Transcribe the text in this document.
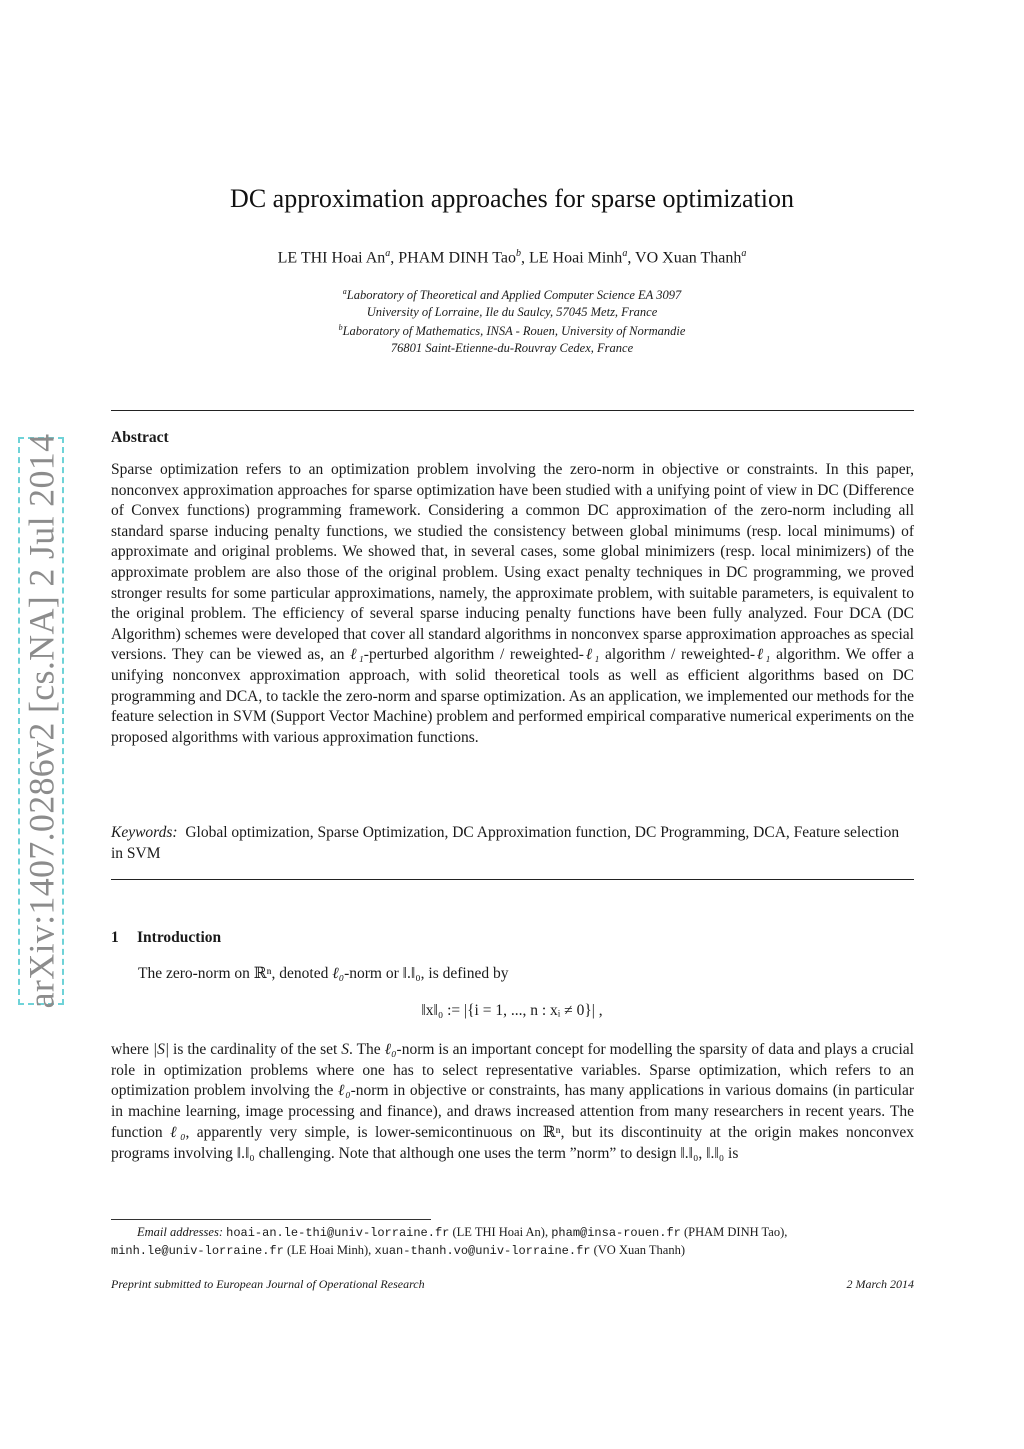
arXiv:1407.0286v2 [cs.NA] 2 Jul 2014
DC approximation approaches for sparse optimization
LE THI Hoai An$^a$, PHAM DINH Tao$^b$, LE Hoai Minh$^a$, VO Xuan Thanh$^a$
$^a$Laboratory of Theoretical and Applied Computer Science EA 3097
University of Lorraine, Ile du Saulcy, 57045 Metz, France
$^b$Laboratory of Mathematics, INSA - Rouen, University of Normandie
76801 Saint-Etienne-du-Rouvray Cedex, France
Abstract

Sparse optimization refers to an optimization problem involving the zero-norm in objective or constraints. In this paper, nonconvex approximation approaches for sparse optimization have been studied with a unifying point of view in DC (Difference of Convex functions) programming framework. Considering a common DC approximation of the zero-norm including all standard sparse inducing penalty functions, we studied the consistency between global minimums (resp. local minimums) of approximate and original problems. We showed that, in several cases, some global minimizers (resp. local minimizers) of the approximate problem are also those of the original problem. Using exact penalty techniques in DC programming, we proved stronger results for some particular approximations, namely, the approximate problem, with suitable parameters, is equivalent to the original problem. The efficiency of several sparse inducing penalty functions have been fully analyzed. Four DCA (DC Algorithm) schemes were developed that cover all standard algorithms in nonconvex sparse approximation approaches as special versions. They can be viewed as, an ℓ₁-perturbed algorithm / reweighted-ℓ₁ algorithm / reweighted-ℓ₁ algorithm. We offer a unifying nonconvex approximation approach, with solid theoretical tools as well as efficient algorithms based on DC programming and DCA, to tackle the zero-norm and sparse optimization. As an application, we implemented our methods for the feature selection in SVM (Support Vector Machine) problem and performed empirical comparative numerical experiments on the proposed algorithms with various approximation functions.

Keywords: Global optimization, Sparse Optimization, DC Approximation function, DC Programming, DCA, Feature selection in SVM

1 Introduction
The zero-norm on ℝⁿ, denoted ℓ₀-norm or ‖.‖₀, is defined by
‖x‖₀ := |{i = 1, ..., n : xᵢ ≠ 0}| ,

where |S| is the cardinality of the set S. The ℓ₀-norm is an important concept for modelling the sparsity of data and plays a crucial role in optimization problems where one has to select representative variables. Sparse optimization, which refers to an optimization problem involving the ℓ₀-norm in objective or constraints, has many applications in various domains (in particular in machine learning, image processing and finance), and draws increased attention from many researchers in recent years. The function ℓ₀, apparently very simple, is lower-semicontinuous on ℝⁿ, but its discontinuity at the origin makes nonconvex programs involving ‖.‖₀ challenging. Note that although one uses the term ”norm” to design ‖.‖₀, ‖.‖₀ is

Email addresses: hoai-an.le-thi@univ-lorraine.fr (LE THI Hoai An), pham@insa-rouen.fr (PHAM DINH Tao),
minh.le@univ-lorraine.fr (LE Hoai Minh), xuan-thanh.vo@univ-lorraine.fr (VO Xuan Thanh)
Preprint submitted to European Journal of Operational Research	2 March 2014
